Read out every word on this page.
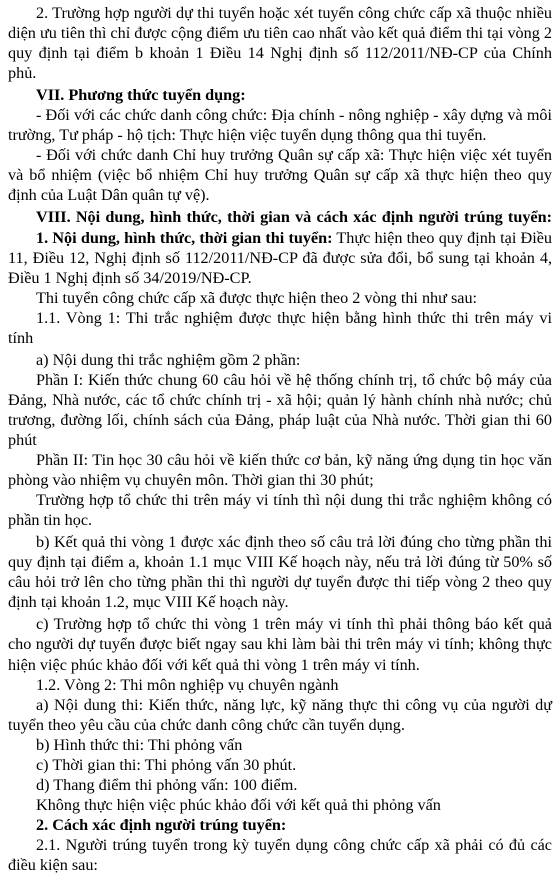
2. Trường hợp người dự thi tuyển hoặc xét tuyển công chức cấp xã thuộc nhiều diện ưu tiên thì chỉ được cộng điểm ưu tiên cao nhất vào kết quả điểm thi tại vòng 2 quy định tại điểm b khoản 1 Điều 14 Nghị định số 112/2011/NĐ-CP của Chính phủ.

VII. Phương thức tuyển dụng:

- Đối với các chức danh công chức: Địa chính - nông nghiệp - xây dựng và môi trường, Tư pháp - hộ tịch: Thực hiện việc tuyển dụng thông qua thi tuyển.

- Đối với chức danh Chỉ huy trưởng Quân sự cấp xã: Thực hiện việc xét tuyển và bổ nhiệm (việc bổ nhiệm Chỉ huy trưởng Quân sự cấp xã thực hiện theo quy định của Luật Dân quân tự vệ).

VIII. Nội dung, hình thức, thời gian và cách xác định người trúng tuyển:

1. Nội dung, hình thức, thời gian thi tuyển: Thực hiện theo quy định tại Điều 11, Điều 12, Nghị định số 112/2011/NĐ-CP đã được sửa đổi, bổ sung tại khoản 4, Điều 1 Nghị định số 34/2019/NĐ-CP.

Thi tuyển công chức cấp xã được thực hiện theo 2 vòng thi như sau:

1.1. Vòng 1: Thi trắc nghiệm được thực hiện bằng hình thức thi trên máy vi tính

a) Nội dung thi trắc nghiệm gồm 2 phần:

Phần I: Kiến thức chung 60 câu hỏi về hệ thống chính trị, tổ chức bộ máy của Đảng, Nhà nước, các tổ chức chính trị - xã hội; quản lý hành chính nhà nước; chủ trương, đường lối, chính sách của Đảng, pháp luật của Nhà nước. Thời gian thi 60 phút

Phần II: Tin học 30 câu hỏi về kiến thức cơ bản, kỹ năng ứng dụng tin học văn phòng vào nhiệm vụ chuyên môn. Thời gian thi 30 phút;

Trường hợp tổ chức thi trên máy vi tính thì nội dung thi trắc nghiệm không có phần tin học.

b) Kết quả thi vòng 1 được xác định theo số câu trả lời đúng cho từng phần thi quy định tại điểm a, khoản 1.1 mục VIII Kế hoạch này, nếu trả lời đúng từ 50% số câu hỏi trở lên cho từng phần thi thì người dự tuyển được thi tiếp vòng 2 theo quy định tại khoản 1.2, mục VIII Kế hoạch này.

c) Trường hợp tổ chức thi vòng 1 trên máy vi tính thì phải thông báo kết quả cho người dự tuyển được biết ngay sau khi làm bài thi trên máy vi tính; không thực hiện việc phúc khảo đối với kết quả thi vòng 1 trên máy vi tính.

1.2. Vòng 2: Thi môn nghiệp vụ chuyên ngành

a) Nội dung thi: Kiến thức, năng lực, kỹ năng thực thi công vụ của người dự tuyển theo yêu cầu của chức danh công chức cần tuyển dụng.

b) Hình thức thi: Thi phỏng vấn

c) Thời gian thi: Thi phỏng vấn 30 phút.

d) Thang điểm thi phỏng vấn: 100 điểm.

Không thực hiện việc phúc khảo đối với kết quả thi phỏng vấn

2. Cách xác định người trúng tuyển:

2.1. Người trúng tuyển trong kỳ tuyển dụng công chức cấp xã phải có đủ các điều kiện sau:
